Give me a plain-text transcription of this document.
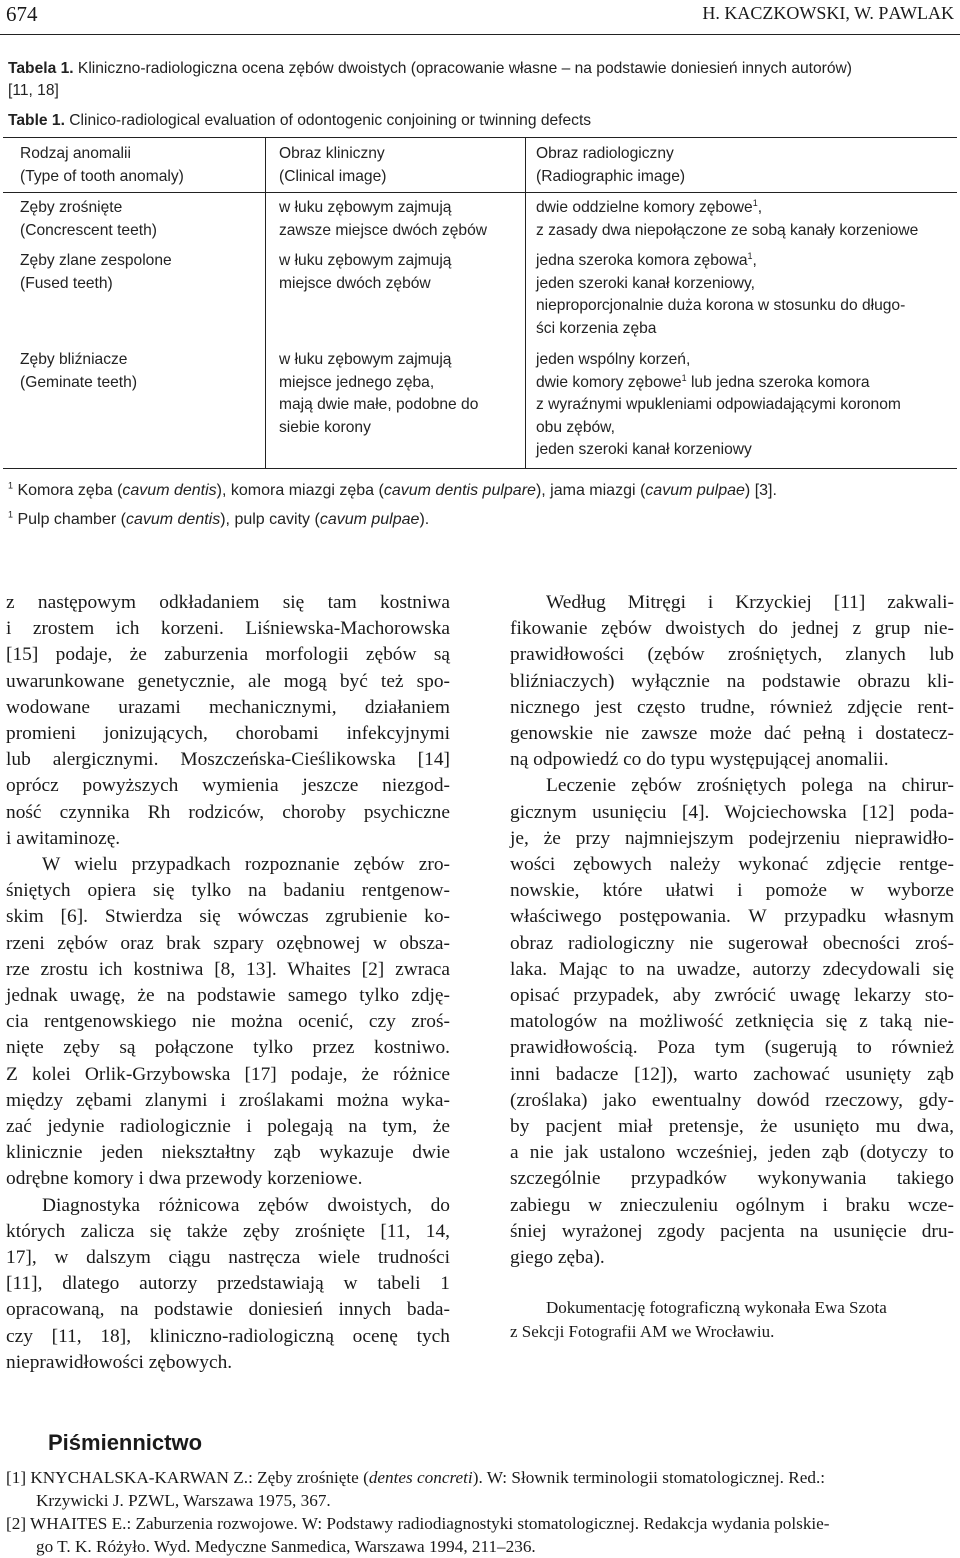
674	H. KACZKOWSKI, W. PAWLAK
Tabela 1. Kliniczno-radiologiczna ocena zębów dwoistych (opracowanie własne – na podstawie doniesień innych autorów)
[11, 18]
Table 1. Clinico-radiological evaluation of odontogenic conjoining or twinning defects
Rodzaj anomalii
(Type of tooth anomaly)
Obraz kliniczny
(Clinical image)
Obraz radiologiczny
(Radiographic image)
Zęby zrośnięte
(Concrescent teeth)
w łuku zębowym zajmują
zawsze miejsce dwóch zębów
dwie oddzielne komory zębowe$^1$,
z zasady dwa niepołączone ze sobą kanały korzeniowe
Zęby zlane zespolone
(Fused teeth)
w łuku zębowym zajmują
miejsce dwóch zębów
jedna szeroka komora zębowa$^1$,
jeden szeroki kanał korzeniowy,
nieproporcjonalnie duża korona w stosunku do długo-
ści korzenia zęba
Zęby bliźniacze
(Geminate teeth)
w łuku zębowym zajmują
miejsce jednego zęba,
mają dwie małe, podobne do
siebie korony
jeden wspólny korzeń,
dwie komory zębowe$^1$ lub jedna szeroka komora
z wyraźnymi wpukleniami odpowiadającymi koronom
obu zębów,
jeden szeroki kanał korzeniowy
$^1$ Komora zęba (cavum dentis), komora miazgi zęba (cavum dentis pulpare), jama miazgi (cavum pulpae) [3].
$^1$ Pulp chamber (cavum dentis), pulp cavity (cavum pulpae).
z następowym odkładaniem się tam kostniwa
i zrostem ich korzeni. Liśniewska-Machorowska
[15] podaje, że zaburzenia morfologii zębów są
uwarunkowane genetycznie, ale mogą być też spo-
wodowane urazami mechanicznymi, działaniem
promieni jonizujących, chorobami infekcyjnymi
lub alergicznymi. Moszczeńska-Cieślikowska [14]
oprócz powyższych wymienia jeszcze niezgod-
ność czynnika Rh rodziców, choroby psychiczne
i awitaminozę.
W wielu przypadkach rozpoznanie zębów zro-
śniętych opiera się tylko na badaniu rentgenow-
skim [6]. Stwierdza się wówczas zgrubienie ko-
rzeni zębów oraz brak szpary ozębnowej w obsza-
rze zrostu ich kostniwa [8, 13]. Whaites [2] zwraca
jednak uwagę, że na podstawie samego tylko zdję-
cia rentgenowskiego nie można ocenić, czy zroś-
nięte zęby są połączone tylko przez kostniwo.
Z kolei Orlik-Grzybowska [17] podaje, że różnice
między zębami zlanymi i zroślakami można wyka-
zać jedynie radiologicznie i polegają na tym, że
klinicznie jeden niekształtny ząb wykazuje dwie
odrębne komory i dwa przewody korzeniowe.
Diagnostyka różnicowa zębów dwoistych, do
których zalicza się także zęby zrośnięte [11, 14,
17], w dalszym ciągu nastręcza wiele trudności
[11], dlatego autorzy przedstawiają w tabeli 1
opracowaną, na podstawie doniesień innych bada-
czy [11, 18], kliniczno-radiologiczną ocenę tych
nieprawidłowości zębowych.
Według Mitręgi i Krzyckiej [11] zakwali-
fikowanie zębów dwoistych do jednej z grup nie-
prawidłowości (zębów zrośniętych, zlanych lub
bliźniaczych) wyłącznie na podstawie obrazu kli-
nicznego jest często trudne, również zdjęcie rent-
genowskie nie zawsze może dać pełną i dostatecz-
ną odpowiedź co do typu występującej anomalii.
Leczenie zębów zrośniętych polega na chirur-
gicznym usunięciu [4]. Wojciechowska [12] poda-
je, że przy najmniejszym podejrzeniu nieprawidło-
wości zębowych należy wykonać zdjęcie rentge-
nowskie, które ułatwi i pomoże w wyborze
właściwego postępowania. W przypadku własnym
obraz radiologiczny nie sugerował obecności zroś-
laka. Mając to na uwadze, autorzy zdecydowali się
opisać przypadek, aby zwrócić uwagę lekarzy sto-
matologów na możliwość zetknięcia się z taką nie-
prawidłowością. Poza tym (sugerują to również
inni badacze [12]), warto zachować usunięty ząb
(zroślaka) jako ewentualny dowód rzeczowy, gdy-
by pacjent miał pretensje, że usunięto mu dwa,
a nie jak ustalono wcześniej, jeden ząb (dotyczy to
szczególnie przypadków wykonywania takiego
zabiegu w znieczuleniu ogólnym i braku wcze-
śniej wyrażonej zgody pacjenta na usunięcie dru-
giego zęba).
Dokumentację fotograficzną wykonała Ewa Szota
z Sekcji Fotografii AM we Wrocławiu.
Piśmiennictwo
[1] KNYCHALSKA-KARWAN Z.: Zęby zrośnięte (dentes concreti). W: Słownik terminologii stomatologicznej. Red.:
Krzywicki J. PZWL, Warszawa 1975, 367.
[2] WHAITES E.: Zaburzenia rozwojowe. W: Podstawy radiodiagnostyki stomatologicznej. Redakcja wydania polskie-
go T. K. Różyło. Wyd. Medyczne Sanmedica, Warszawa 1994, 211–236.
